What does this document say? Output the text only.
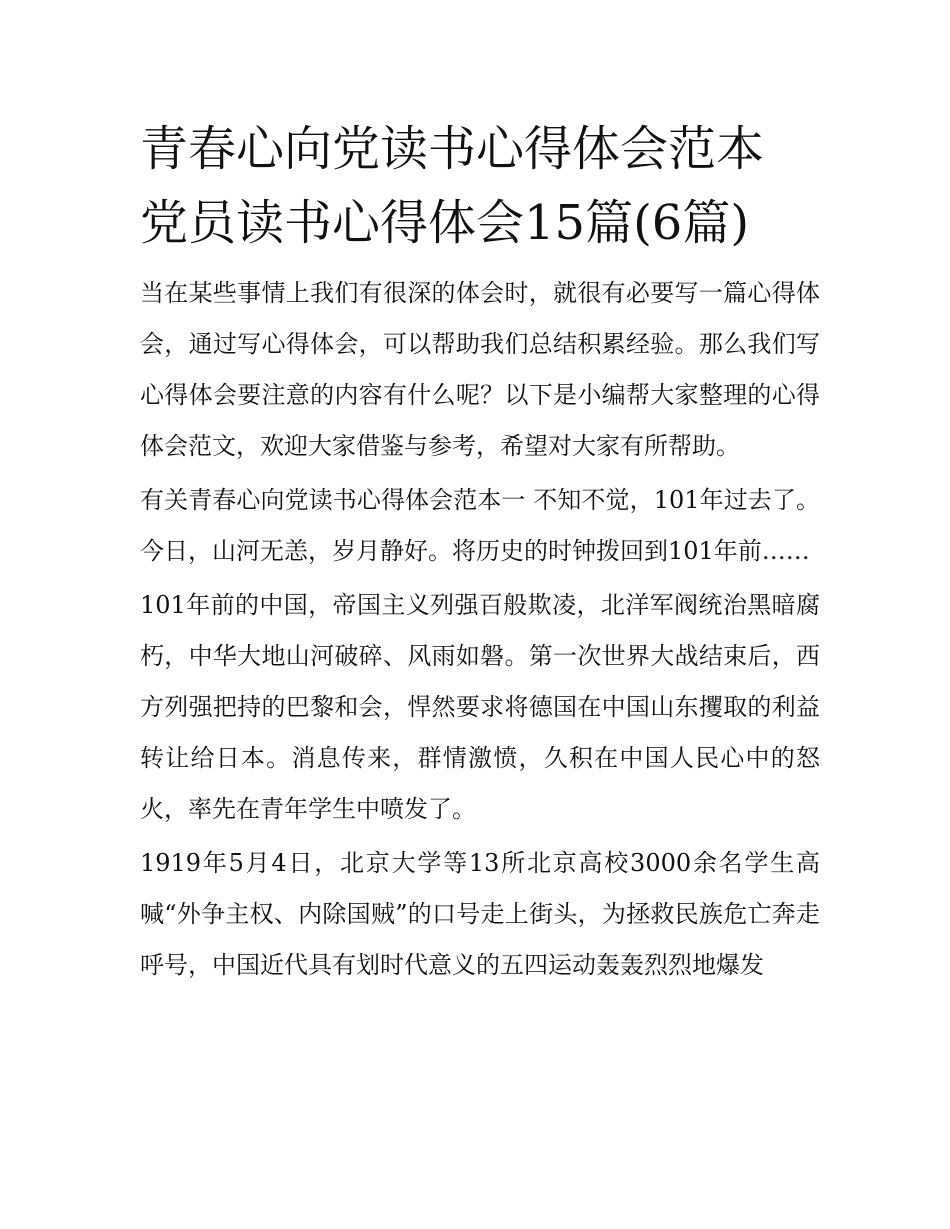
青春心向党读书心得体会范本
党员读书心得体会15篇(6篇)

当在某些事情上我们有很深的体会时，就很有必要写一篇心得体会，通过写心得体会，可以帮助我们总结积累经验。那么我们写心得体会要注意的内容有什么呢？以下是小编帮大家整理的心得体会范文，欢迎大家借鉴与参考，希望对大家有所帮助。

有关青春心向党读书心得体会范本一 不知不觉，101年过去了。今日，山河无恙，岁月静好。将历史的时钟拨回到101年前……

101年前的中国，帝国主义列强百般欺凌，北洋军阀统治黑暗腐朽，中华大地山河破碎、风雨如磐。第一次世界大战结束后，西方列强把持的巴黎和会，悍然要求将德国在中国山东攫取的利益转让给日本。消息传来，群情激愤，久积在中国人民心中的怒火，率先在青年学生中喷发了。

1919年5月4日，北京大学等13所北京高校3000余名学生高喊“外争主权、内除国贼”的口号走上街头，为拯救民族危亡奔走呼号，中国近代具有划时代意义的五四运动轰轰烈烈地爆发
